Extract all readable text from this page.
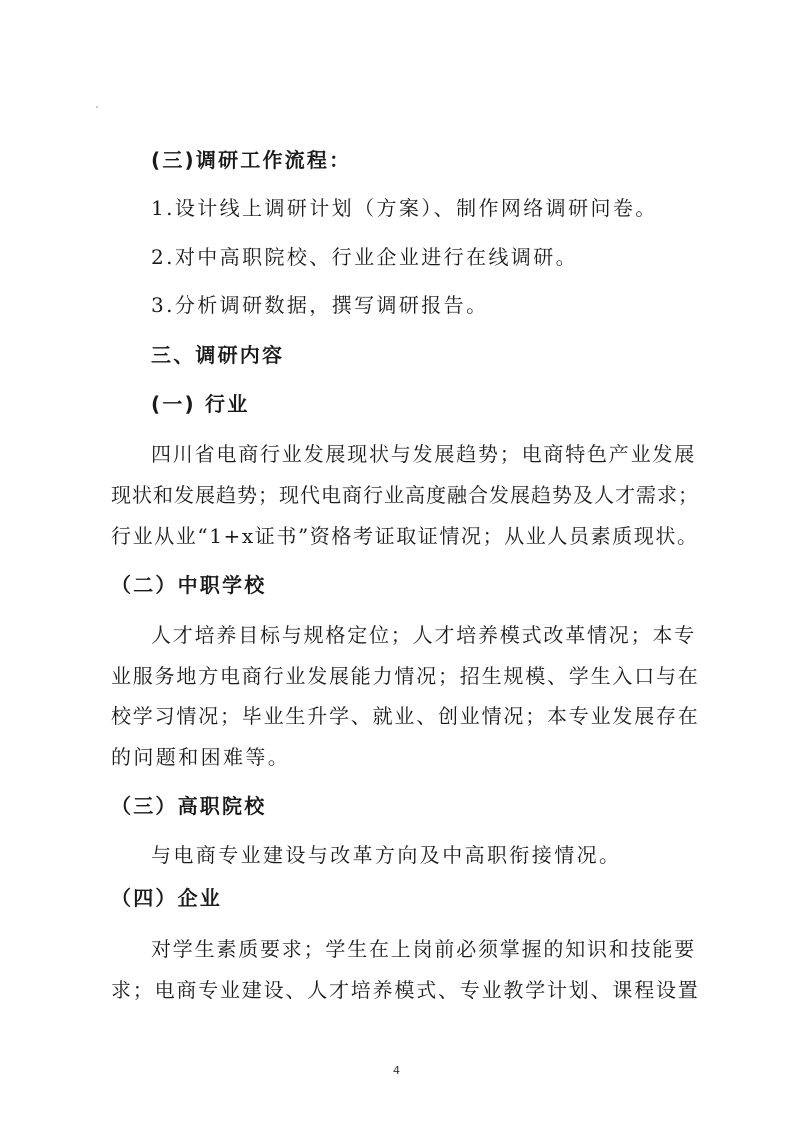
(三)调研工作流程：
1.设计线上调研计划（方案）、制作网络调研问卷。
2.对中高职院校、行业企业进行在线调研。
3.分析调研数据，撰写调研报告。
三、调研内容
(一) 行业
四川省电商行业发展现状与发展趋势；电商特色产业发展
现状和发展趋势；现代电商行业高度融合发展趋势及人才需求；
行业从业“1+x证书”资格考证取证情况；从业人员素质现状。
（二）中职学校
人才培养目标与规格定位；人才培养模式改革情况；本专
业服务地方电商行业发展能力情况；招生规模、学生入口与在
校学习情况；毕业生升学、就业、创业情况；本专业发展存在
的问题和困难等。
（三）高职院校
与电商专业建设与改革方向及中高职衔接情况。
（四）企业
对学生素质要求；学生在上岗前必须掌握的知识和技能要
求；电商专业建设、人才培养模式、专业教学计划、课程设置
4
